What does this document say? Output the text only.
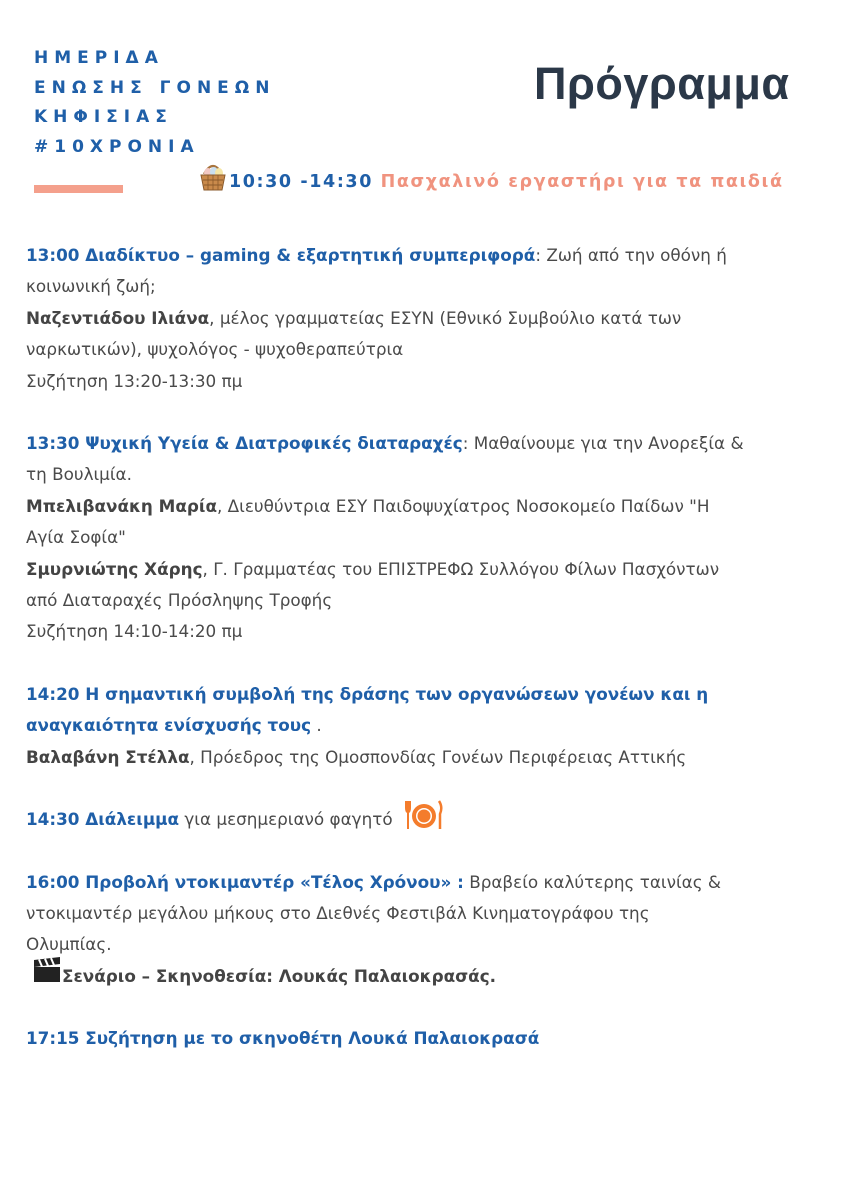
ΗΜΕΡΙΔΑ
ΕΝΩΣΗΣ ΓΟΝΕΩΝ
ΚΗΦΙΣΙΑΣ
#10ΧΡΟΝΙΑ
Πρόγραμμα
10:30 -14:30 Πασχαλινό εργαστήρι για τα παιδιά

13:00 Διαδίκτυο – gaming & εξαρτητική συμπεριφορά: Ζωή από την οθόνη ή

κοινωνική ζωή;

Ναζεντιάδου Ιλιάνα, μέλος γραμματείας ΕΣΥΝ (Εθνικό Συμβούλιο κατά των

ναρκωτικών), ψυχολόγος - ψυχοθεραπεύτρια

Συζήτηση 13:20-13:30 πμ

13:30 Ψυχική Υγεία & Διατροφικές διαταραχές: Μαθαίνουμε για την Ανορεξία &

τη Βουλιμία.

Μπελιβανάκη Μαρία, Διευθύντρια ΕΣΥ Παιδοψυχίατρος Νοσοκομείο Παίδων "Η

Αγία Σοφία"

Σμυρνιώτης Χάρης, Γ. Γραμματέας του ΕΠΙΣΤΡΕΦΩ Συλλόγου Φίλων Πασχόντων

από Διαταραχές Πρόσληψης Τροφής

Συζήτηση 14:10-14:20 πμ

14:20 Η σημαντική συμβολή της δράσης των οργανώσεων γονέων και η

αναγκαιότητα ενίσχυσής τους .

Βαλαβάνη Στέλλα, Πρόεδρος της Ομοσπονδίας Γονέων Περιφέρειας Αττικής

14:30 Διάλειμμα για μεσημεριανό φαγητό

16:00 Προβολή ντοκιμαντέρ «Τέλος Χρόνου» : Βραβείο καλύτερης ταινίας &

ντοκιμαντέρ μεγάλου μήκους στο Διεθνές Φεστιβάλ Κινηματογράφου της

Ολυμπίας.

Σενάριο – Σκηνοθεσία: Λουκάς Παλαιοκρασάς.

17:15 Συζήτηση με το σκηνοθέτη Λουκά Παλαιοκρασά
